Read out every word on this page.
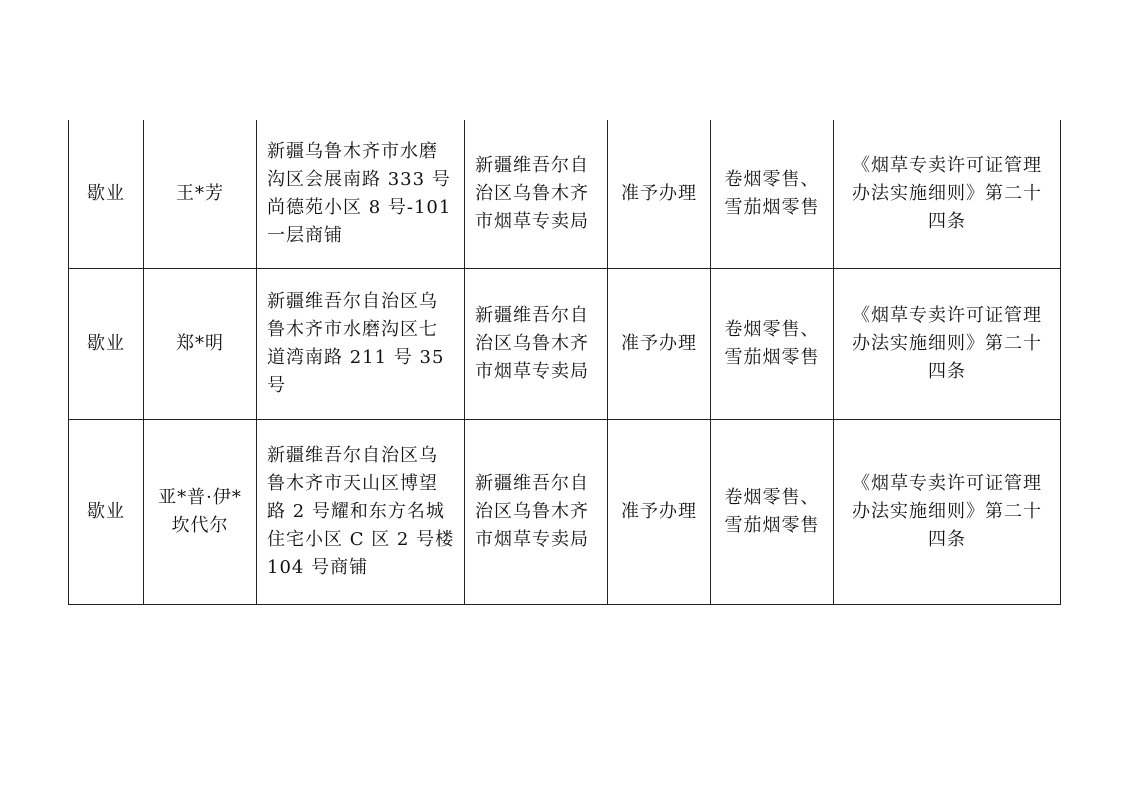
歇业	王*芳	新疆乌鲁木齐市水磨沟区会展南路 333 号尚德苑小区 8 号-101 一层商铺	新疆维吾尔自治区乌鲁木齐市烟草专卖局	准予办理	卷烟零售、雪茄烟零售	《烟草专卖许可证管理办法实施细则》第二十四条

歇业	郑*明	新疆维吾尔自治区乌鲁木齐市水磨沟区七道湾南路 211 号 35 号	新疆维吾尔自治区乌鲁木齐市烟草专卖局	准予办理	卷烟零售、雪茄烟零售	《烟草专卖许可证管理办法实施细则》第二十四条

歇业	亚*普·伊*坎代尔	新疆维吾尔自治区乌鲁木齐市天山区博望路 2 号耀和东方名城住宅小区 C 区 2 号楼 104 号商铺	新疆维吾尔自治区乌鲁木齐市烟草专卖局	准予办理	卷烟零售、雪茄烟零售	《烟草专卖许可证管理办法实施细则》第二十四条
